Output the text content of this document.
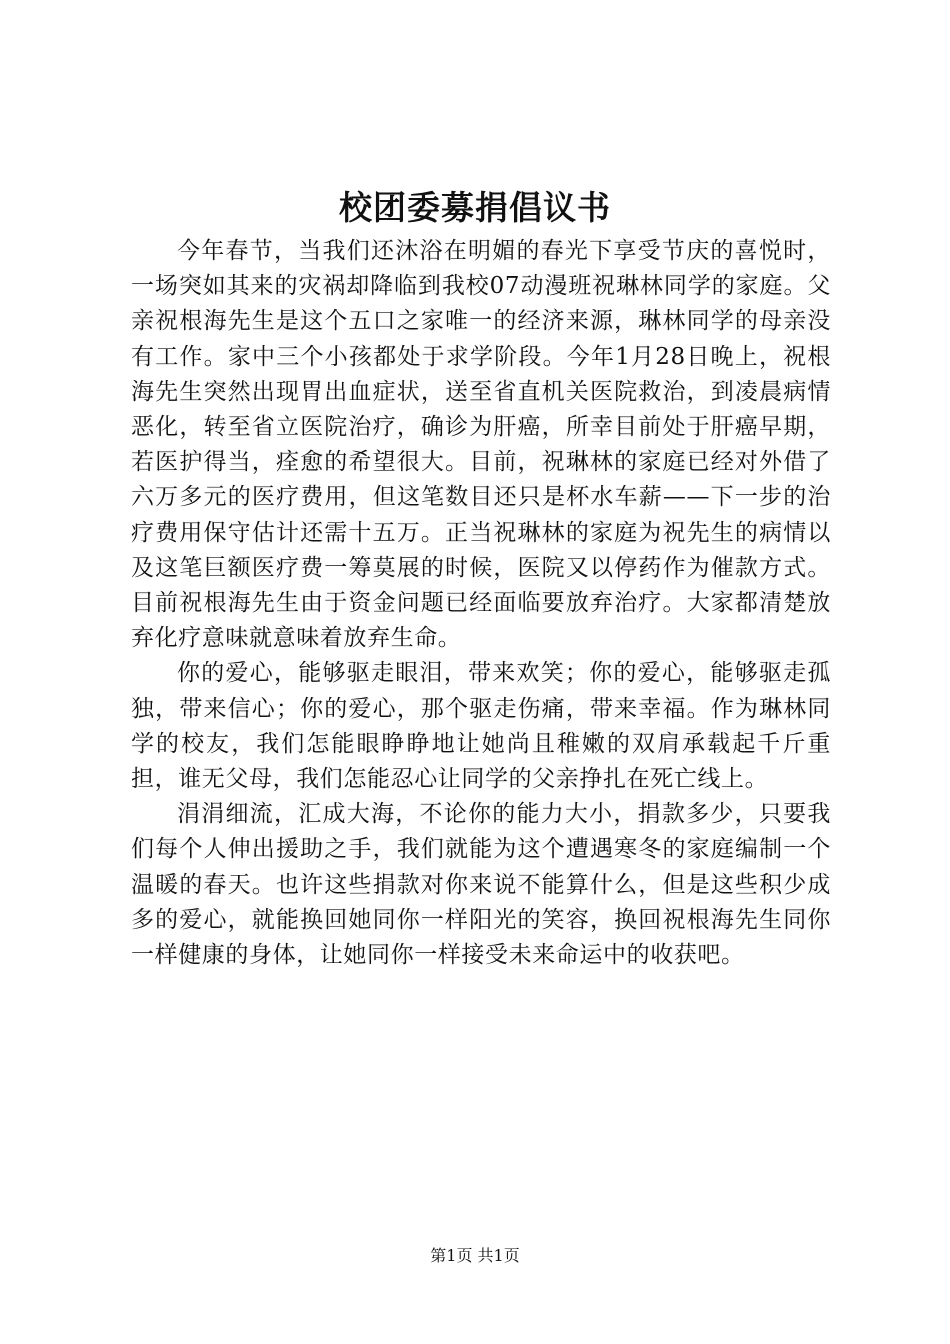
校团委募捐倡议书

今年春节，当我们还沐浴在明媚的春光下享受节庆的喜悦时，一场突如其来的灾祸却降临到我校07动漫班祝琳林同学的家庭。父亲祝根海先生是这个五口之家唯一的经济来源，琳林同学的母亲没有工作。家中三个小孩都处于求学阶段。今年1月28日晚上，祝根海先生突然出现胃出血症状，送至省直机关医院救治，到凌晨病情恶化，转至省立医院治疗，确诊为肝癌，所幸目前处于肝癌早期，若医护得当，痊愈的希望很大。目前，祝琳林的家庭已经对外借了六万多元的医疗费用，但这笔数目还只是杯水车薪——下一步的治疗费用保守估计还需十五万。正当祝琳林的家庭为祝先生的病情以及这笔巨额医疗费一筹莫展的时候，医院又以停药作为催款方式。目前祝根海先生由于资金问题已经面临要放弃治疗。大家都清楚放弃化疗意味就意味着放弃生命。

你的爱心，能够驱走眼泪，带来欢笑；你的爱心，能够驱走孤独，带来信心；你的爱心，那个驱走伤痛，带来幸福。作为琳林同学的校友，我们怎能眼睁睁地让她尚且稚嫩的双肩承载起千斤重担，谁无父母，我们怎能忍心让同学的父亲挣扎在死亡线上。

涓涓细流，汇成大海，不论你的能力大小，捐款多少，只要我们每个人伸出援助之手，我们就能为这个遭遇寒冬的家庭编制一个温暖的春天。也许这些捐款对你来说不能算什么，但是这些积少成多的爱心，就能换回她同你一样阳光的笑容，换回祝根海先生同你一样健康的身体，让她同你一样接受未来命运中的收获吧。

第1页 共1页
